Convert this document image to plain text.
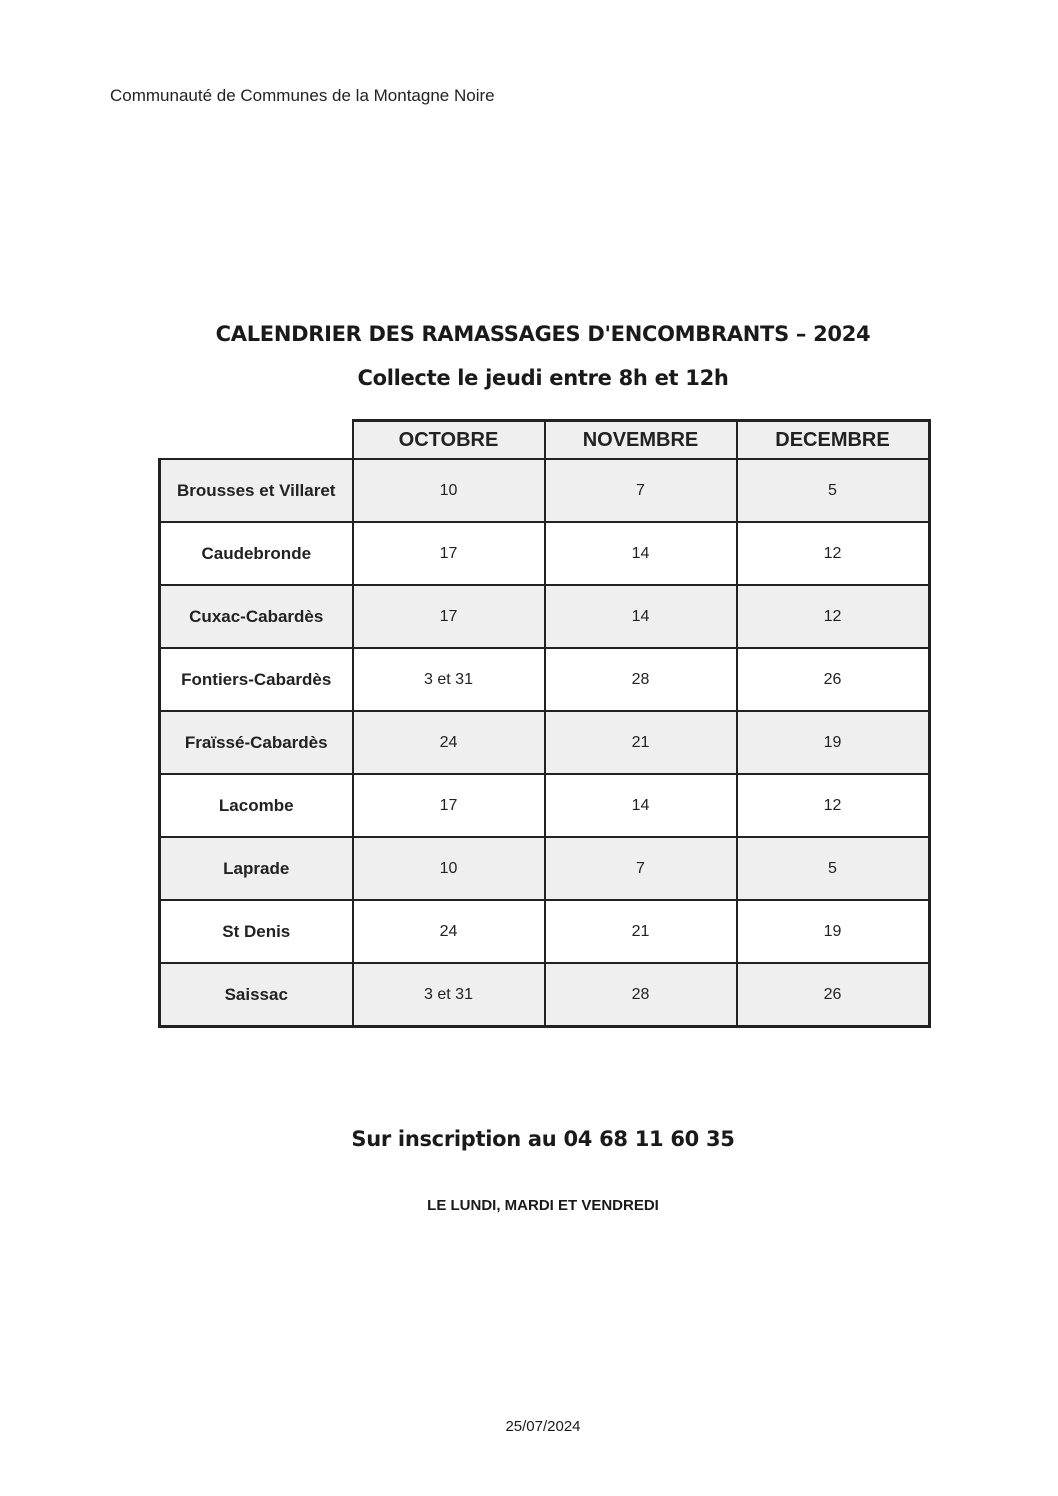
Communauté de Communes de la Montagne Noire
CALENDRIER DES RAMASSAGES D'ENCOMBRANTS – 2024
Collecte le jeudi entre 8h et 12h
	OCTOBRE	NOVEMBRE	DECEMBRE
Brousses et Villaret	10	7	5
Caudebronde	17	14	12
Cuxac-Cabardès	17	14	12
Fontiers-Cabardès	3 et 31	28	26
Fraïssé-Cabardès	24	21	19
Lacombe	17	14	12
Laprade	10	7	5
St Denis	24	21	19
Saissac	3 et 31	28	26
Sur inscription au 04 68 11 60 35
LE LUNDI, MARDI ET VENDREDI
25/07/2024
